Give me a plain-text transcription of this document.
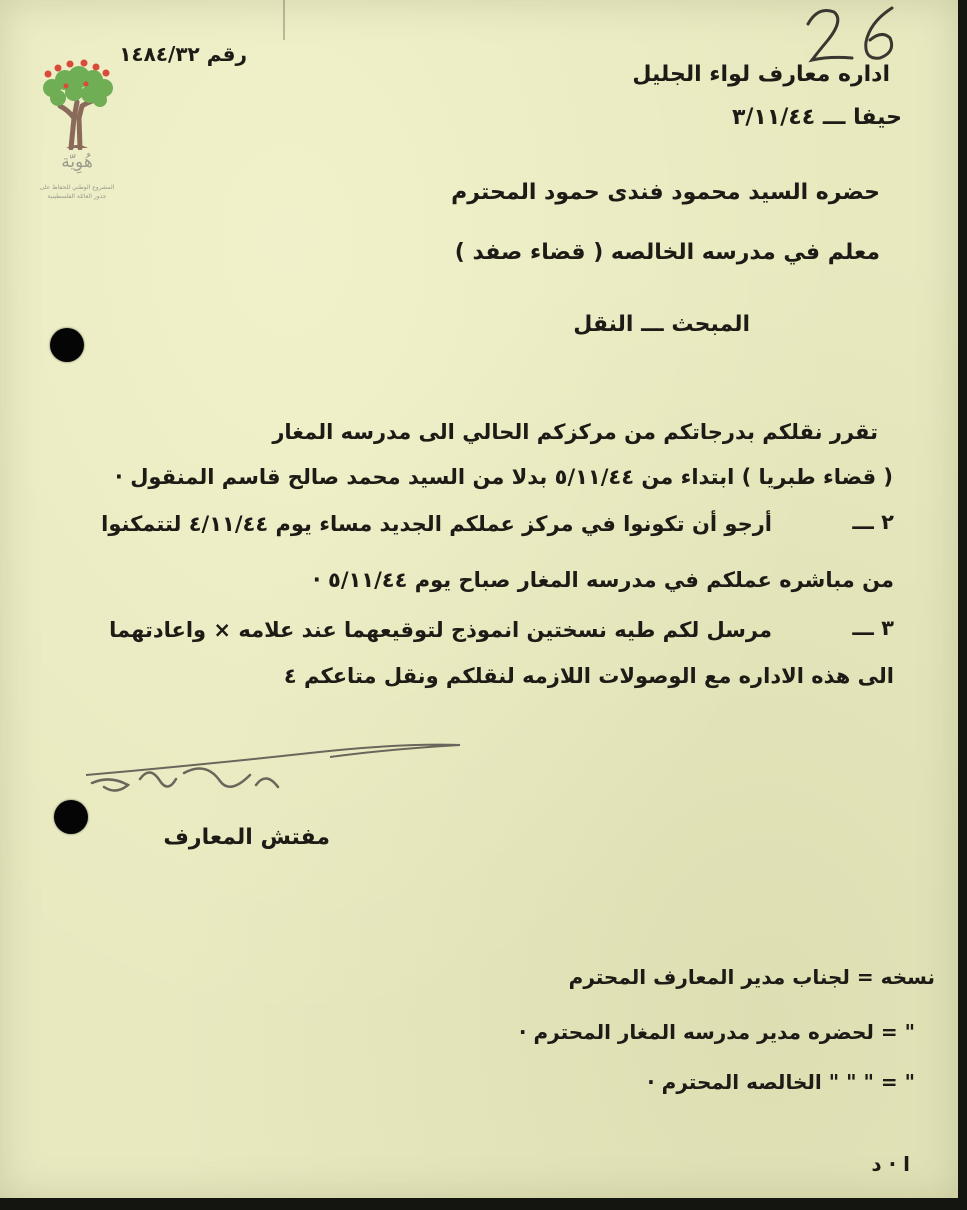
هُوِيّة
المشروع الوطني للحفاظ على
جذور العائلة الفلسطينية
رقم ١٤٨٤/٣٢
اداره معارف لواء الجليل
حيفا ـــ ٣/١١/٤٤
حضره السيد محمود فندى حمود المحترم
معلم في مدرسه الخالصه ( قضاء صفد )
المبحث ـــ النقل
تقرر نقلكم بدرجاتكم من مركزكم الحالي الى مدرسه المغار
( قضاء طبريا ) ابتداء من ٥/١١/٤٤ بدلا من السيد محمد صالح قاسم المنقول ·
٢ ـــ
أرجو أن تكونوا في مركز عملكم الجديد مساء يوم ٤/١١/٤٤ لتتمكنوا
من مباشره عملكم في مدرسه المغار صباح يوم ٥/١١/٤٤ ·
٣ ـــ
مرسل لكم طيه نسختين انموذج لتوقيعهما عند علامه × واعادتهما
الى هذه الاداره مع الوصولات اللازمه لنقلكم ونقل متاعكم ٤
مفتش المعارف
نسخه = لجناب مدير المعارف المحترم
" = لحضره مدير مدرسه المغار المحترم ·
" = " " " الخالصه المحترم ·
ا · د
